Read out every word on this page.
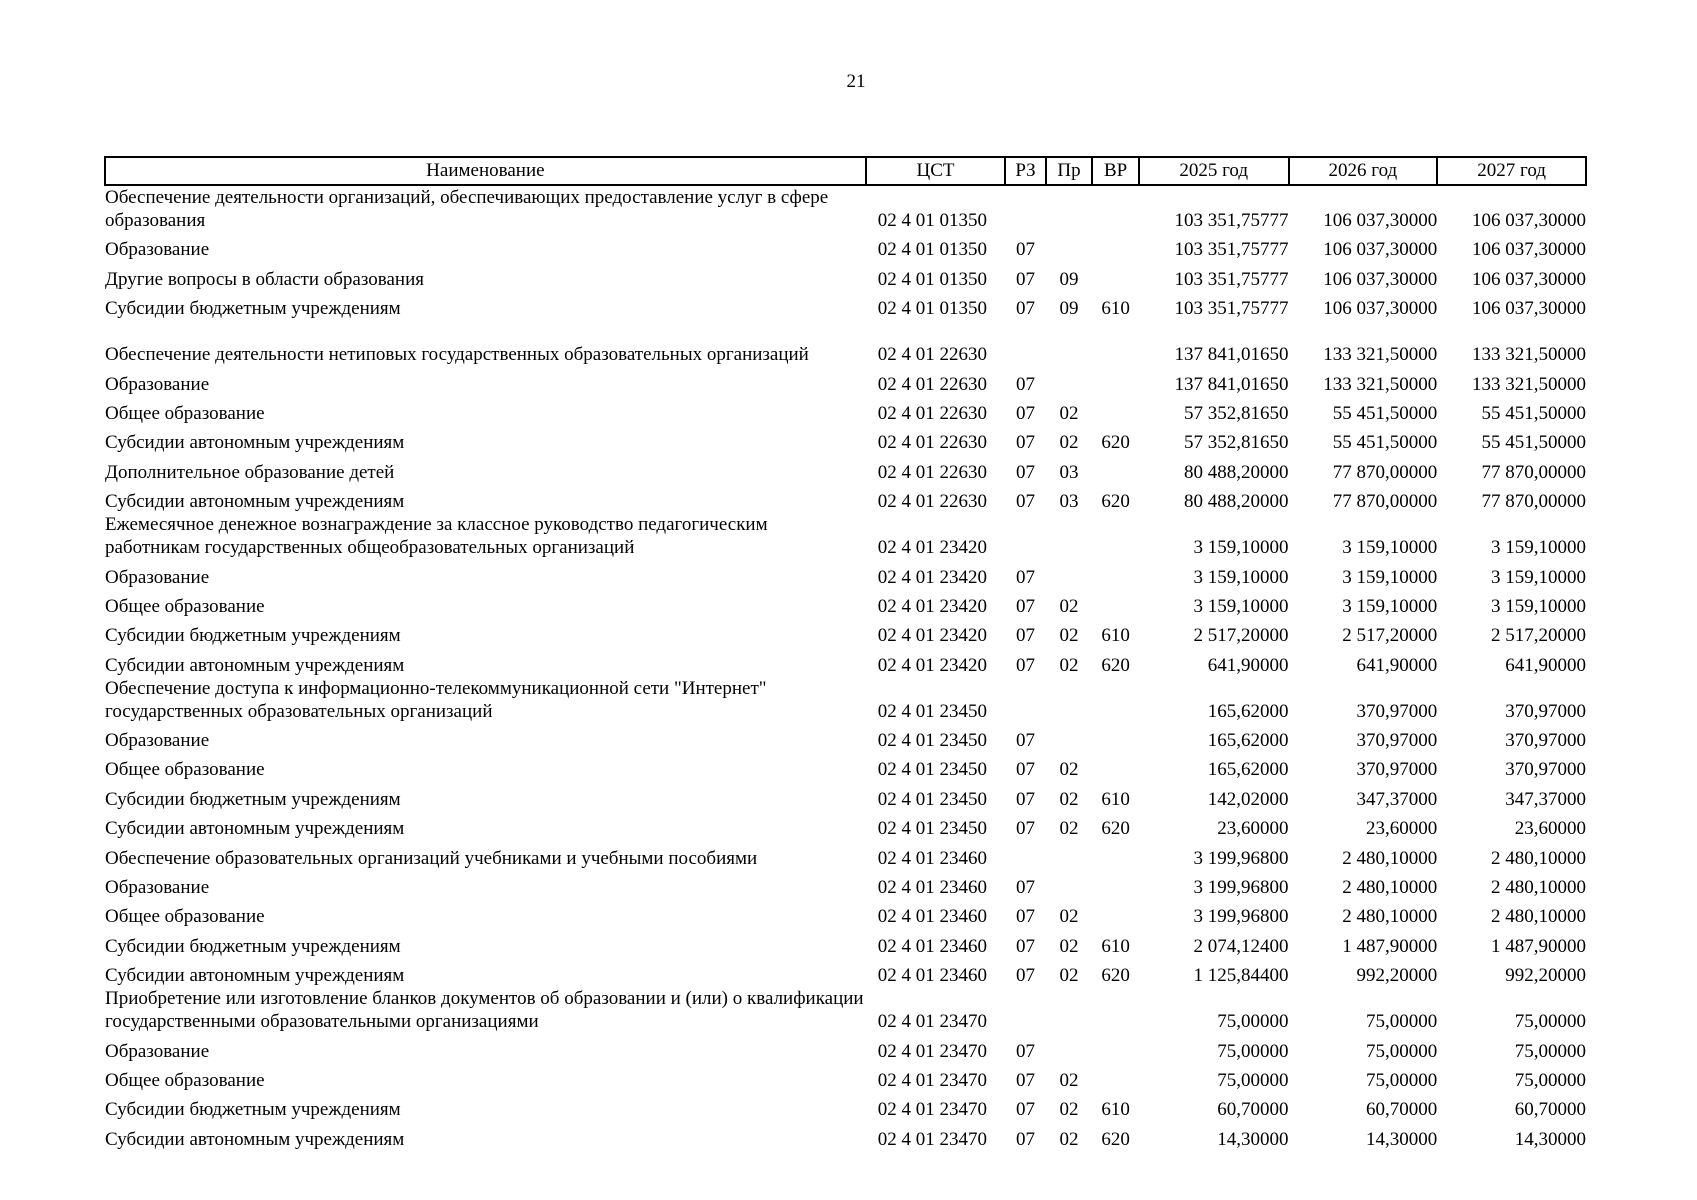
21
Наименование	ЦСТ	РЗ	Пр	ВР	2025 год	2026 год	2027 год
Обеспечение деятельности организаций, обеспечивающих предоставление услуг в сфере образования	02 4 01 01350				103 351,75777	106 037,30000	106 037,30000
Образование	02 4 01 01350	07			103 351,75777	106 037,30000	106 037,30000
Другие вопросы в области образования	02 4 01 01350	07	09		103 351,75777	106 037,30000	106 037,30000
Субсидии бюджетным учреждениям	02 4 01 01350	07	09	610	103 351,75777	106 037,30000	106 037,30000
Обеспечение деятельности нетиповых государственных образовательных организаций	02 4 01 22630				137 841,01650	133 321,50000	133 321,50000
Образование	02 4 01 22630	07			137 841,01650	133 321,50000	133 321,50000
Общее образование	02 4 01 22630	07	02		57 352,81650	55 451,50000	55 451,50000
Субсидии автономным учреждениям	02 4 01 22630	07	02	620	57 352,81650	55 451,50000	55 451,50000
Дополнительное образование детей	02 4 01 22630	07	03		80 488,20000	77 870,00000	77 870,00000
Субсидии автономным учреждениям	02 4 01 22630	07	03	620	80 488,20000	77 870,00000	77 870,00000
Ежемесячное денежное вознаграждение за классное руководство педагогическим работникам государственных общеобразовательных организаций	02 4 01 23420				3 159,10000	3 159,10000	3 159,10000
Образование	02 4 01 23420	07			3 159,10000	3 159,10000	3 159,10000
Общее образование	02 4 01 23420	07	02		3 159,10000	3 159,10000	3 159,10000
Субсидии бюджетным учреждениям	02 4 01 23420	07	02	610	2 517,20000	2 517,20000	2 517,20000
Субсидии автономным учреждениям	02 4 01 23420	07	02	620	641,90000	641,90000	641,90000
Обеспечение доступа к информационно-телекоммуникационной сети "Интернет" государственных образовательных организаций	02 4 01 23450				165,62000	370,97000	370,97000
Образование	02 4 01 23450	07			165,62000	370,97000	370,97000
Общее образование	02 4 01 23450	07	02		165,62000	370,97000	370,97000
Субсидии бюджетным учреждениям	02 4 01 23450	07	02	610	142,02000	347,37000	347,37000
Субсидии автономным учреждениям	02 4 01 23450	07	02	620	23,60000	23,60000	23,60000
Обеспечение образовательных организаций учебниками и учебными пособиями	02 4 01 23460				3 199,96800	2 480,10000	2 480,10000
Образование	02 4 01 23460	07			3 199,96800	2 480,10000	2 480,10000
Общее образование	02 4 01 23460	07	02		3 199,96800	2 480,10000	2 480,10000
Субсидии бюджетным учреждениям	02 4 01 23460	07	02	610	2 074,12400	1 487,90000	1 487,90000
Субсидии автономным учреждениям	02 4 01 23460	07	02	620	1 125,84400	992,20000	992,20000
Приобретение или изготовление бланков документов об образовании и (или) о квалификации государственными образовательными организациями	02 4 01 23470				75,00000	75,00000	75,00000
Образование	02 4 01 23470	07			75,00000	75,00000	75,00000
Общее образование	02 4 01 23470	07	02		75,00000	75,00000	75,00000
Субсидии бюджетным учреждениям	02 4 01 23470	07	02	610	60,70000	60,70000	60,70000
Субсидии автономным учреждениям	02 4 01 23470	07	02	620	14,30000	14,30000	14,30000
